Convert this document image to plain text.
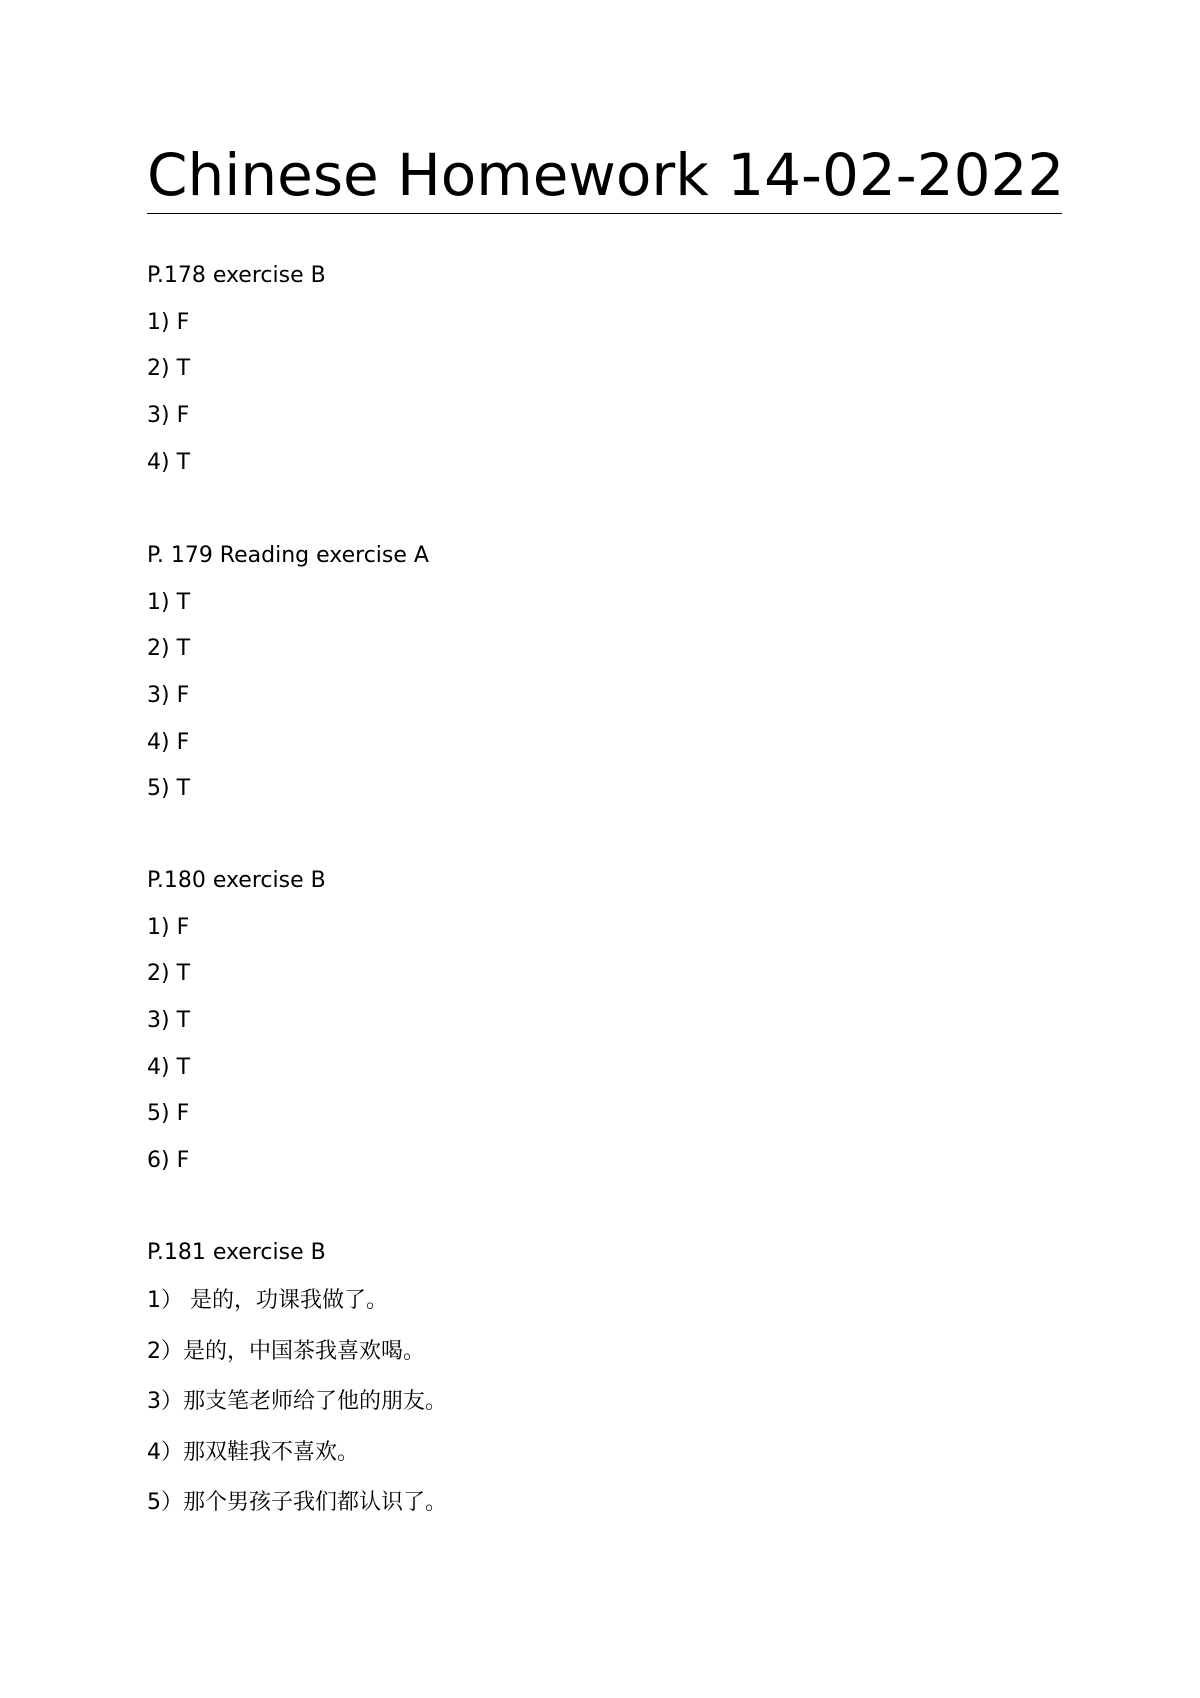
Chinese Homework 14-02-2022

P.178 exercise B

1) F

2) T

3) F

4) T

P. 179 Reading exercise A

1) T

2) T

3) F

4) F

5) T

P.180 exercise B

1) F

2) T

3) T

4) T

5) F

6) F

P.181 exercise B

1） 是的，功课我做了。

2）是的，中国茶我喜欢喝。

3）那支笔老师给了他的朋友。

4）那双鞋我不喜欢。

5）那个男孩子我们都认识了。
